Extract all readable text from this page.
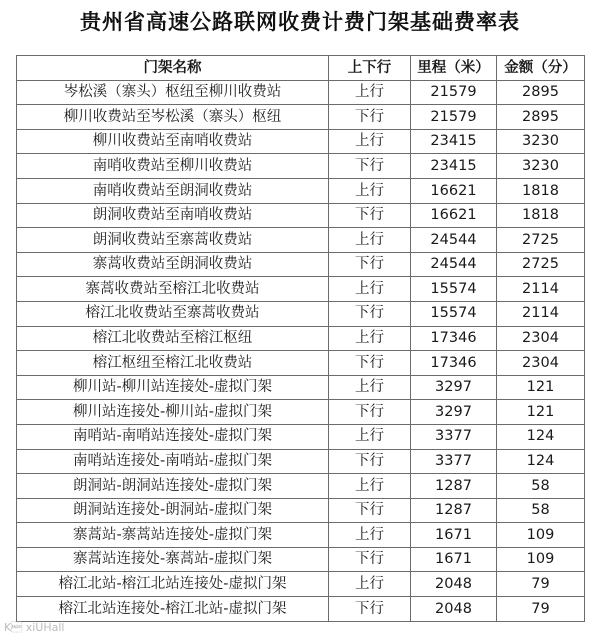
贵州省高速公路联网收费计费门架基础费率表
门架名称	上下行	里程（米）	金额（分）
岑松溪（寨头）枢纽至柳川收费站	上行	21579	2895
柳川收费站至岑松溪（寨头）枢纽	下行	21579	2895
柳川收费站至南哨收费站	上行	23415	3230
南哨收费站至柳川收费站	下行	23415	3230
南哨收费站至朗洞收费站	上行	16621	1818
朗洞收费站至南哨收费站	下行	16621	1818
朗洞收费站至寨蒿收费站	上行	24544	2725
寨蒿收费站至朗洞收费站	下行	24544	2725
寨蒿收费站至榕江北收费站	上行	15574	2114
榕江北收费站至寨蒿收费站	下行	15574	2114
榕江北收费站至榕江枢纽	上行	17346	2304
榕江枢纽至榕江北收费站	下行	17346	2304
柳川站-柳川站连接处-虚拟门架	上行	3297	121
柳川站连接处-柳川站-虚拟门架	下行	3297	121
南哨站-南哨站连接处-虚拟门架	上行	3377	124
南哨站连接处-南哨站-虚拟门架	下行	3377	124
朗洞站-朗洞站连接处-虚拟门架	上行	1287	58
朗洞站连接处-朗洞站-虚拟门架	下行	1287	58
寨蒿站-寨蒿站连接处-虚拟门架	上行	1671	109
寨蒿站连接处-寨蒿站-虚拟门架	下行	1671	109
榕江北站-榕江北站连接处-虚拟门架	上行	2048	79
榕江北站连接处-榕江北站-虚拟门架	下行	2048	79
K xiUHall
